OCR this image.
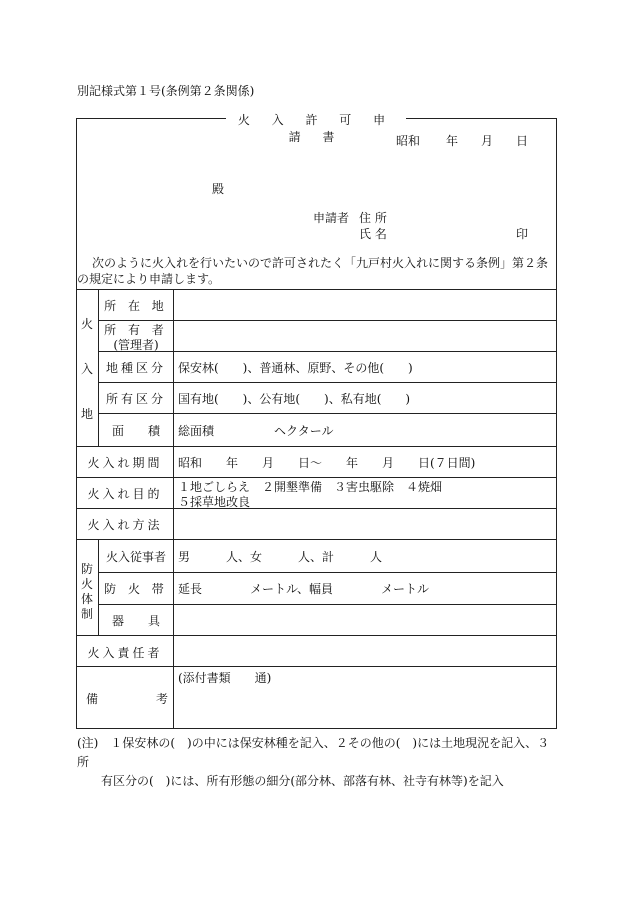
別記様式第１号(条例第２条関係)
火 入 許 可 申 請 書	昭和 年 月 日
殿
申請者 住 所
氏 名	印
次のように火入れを行いたいので許可されたく「九戸村火入れに関する条例」第２条
の規定により申請します。
火
入
地
所 在 地
所 有 者
(管理者)
地種区分 保安林(　　)、普通林、原野、その他(　　)
所有区分 国有地(　　)、公有地(　　)、私有地(　　)
面　　積	総面積　　　　　ヘクタール
火入れ期間	昭和　　年　　月　　日〜　　年　　月　　日(７日間)
火入れ目的	１地ごしらえ　２開墾準備　３害虫駆除　４焼畑
５採草地改良
火入れ方法
防
火
体
制
火入従事者 男　　　人、女　　　人、計　　　人
防 火 帯 延長　　　　メートル、幅員　　　　メートル
器　　具
火入責任者
備	考
(添付書類　　通)
(注)　１保安林の(　)の中には保安林種を記入、２その他の(　)には土地現況を記入、３所
有区分の(　)には、所有形態の細分(部分林、部落有林、社寺有林等)を記入
